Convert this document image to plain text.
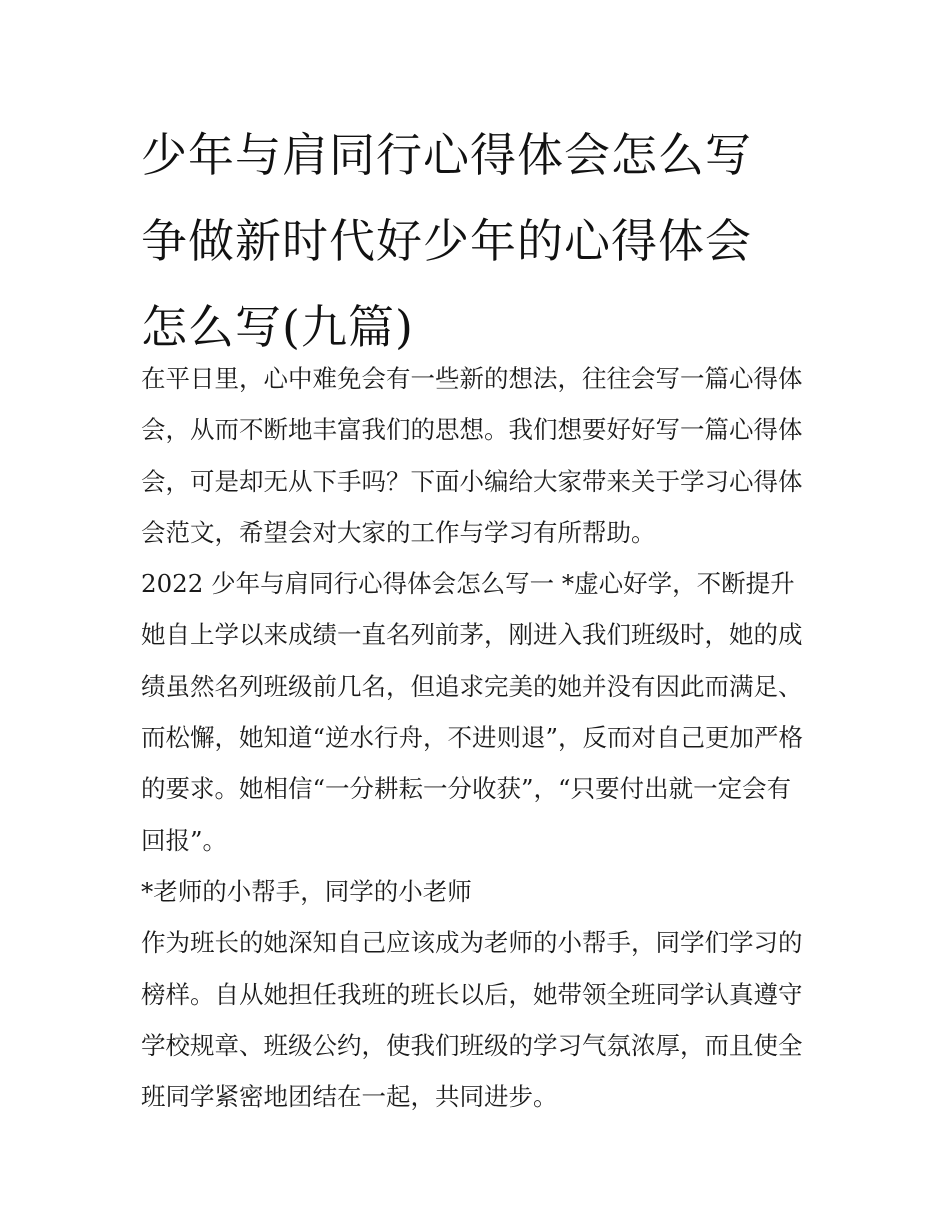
少年与肩同行心得体会怎么写
争做新时代好少年的心得体会
怎么写(九篇)
在平日里，心中难免会有一些新的想法，往往会写一篇心得体
会，从而不断地丰富我们的思想。我们想要好好写一篇心得体
会，可是却无从下手吗？下面小编给大家带来关于学习心得体
会范文，希望会对大家的工作与学习有所帮助。
2022 少年与肩同行心得体会怎么写一 *虚心好学，不断提升
她自上学以来成绩一直名列前茅，刚进入我们班级时，她的成
绩虽然名列班级前几名，但追求完美的她并没有因此而满足、
而松懈，她知道“逆水行舟，不进则退”，反而对自己更加严格
的要求。她相信“一分耕耘一分收获”，“只要付出就一定会有
回报”。
*老师的小帮手，同学的小老师
作为班长的她深知自己应该成为老师的小帮手，同学们学习的
榜样。自从她担任我班的班长以后，她带领全班同学认真遵守
学校规章、班级公约，使我们班级的学习气氛浓厚，而且使全
班同学紧密地团结在一起，共同进步。
